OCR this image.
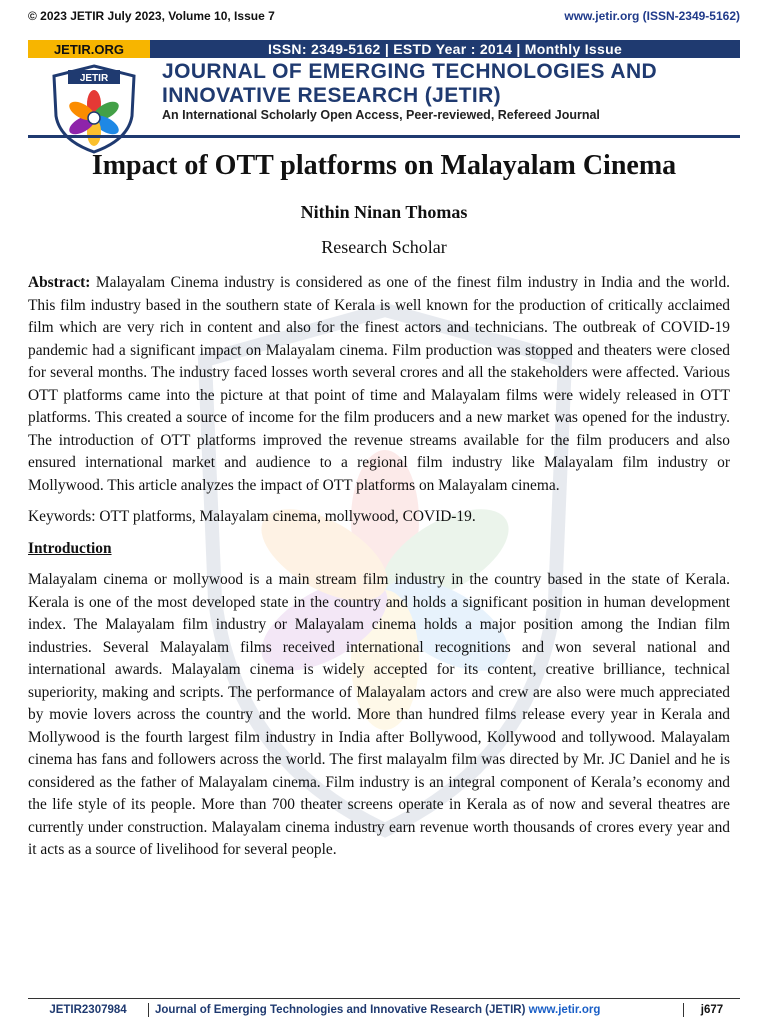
© 2023 JETIR July 2023, Volume 10, Issue 7	www.jetir.org (ISSN-2349-5162)
JETIR.ORG	ISSN: 2349-5162 | ESTD Year : 2014 | Monthly Issue
JETIR	JOURNAL OF EMERGING TECHNOLOGIES AND
INNOVATIVE RESEARCH (JETIR)
An International Scholarly Open Access, Peer-reviewed, Refereed Journal
Impact of OTT platforms on Malayalam Cinema
Nithin Ninan Thomas
Research Scholar

Abstract: Malayalam Cinema industry is considered as one of the finest film industry in India and the world. This film industry based in the southern state of Kerala is well known for the production of critically acclaimed film which are very rich in content and also for the finest actors and technicians. The outbreak of COVID-19 pandemic had a significant impact on Malayalam cinema. Film production was stopped and theaters were closed for several months. The industry faced losses worth several crores and all the stakeholders were affected. Various OTT platforms came into the picture at that point of time and Malayalam films were widely released in OTT platforms. This created a source of income for the film producers and a new market was opened for the industry. The introduction of OTT platforms improved the revenue streams available for the film producers and also ensured international market and audience to a regional film industry like Malayalam film industry or Mollywood. This article analyzes the impact of OTT platforms on Malayalam cinema.

Keywords: OTT platforms, Malayalam cinema, mollywood, COVID-19.

Introduction

Malayalam cinema or mollywood is a main stream film industry in the country based in the state of Kerala. Kerala is one of the most developed state in the country and holds a significant position in human development index. The Malayalam film industry or Malayalam cinema holds a major position among the Indian film industries. Several Malayalam films received international recognitions and won several national and international awards. Malayalam cinema is widely accepted for its content, creative brilliance, technical superiority, making and scripts. The performance of Malayalam actors and crew are also were much appreciated by movie lovers across the country and the world. More than hundred films release every year in Kerala and Mollywood is the fourth largest film industry in India after Bollywood, Kollywood and tollywood. Malayalam cinema has fans and followers across the world. The first malayalm film was directed by Mr. JC Daniel and he is considered as the father of Malayalam cinema. Film industry is an integral component of Kerala’s economy and the life style of its people. More than 700 theater screens operate in Kerala as of now and several theatres are currently under construction. Malayalam cinema industry earn revenue worth thousands of crores every year and it acts as a source of livelihood for several people.

JETIR2307984	Journal of Emerging Technologies and Innovative Research (JETIR) www.jetir.org	j677
